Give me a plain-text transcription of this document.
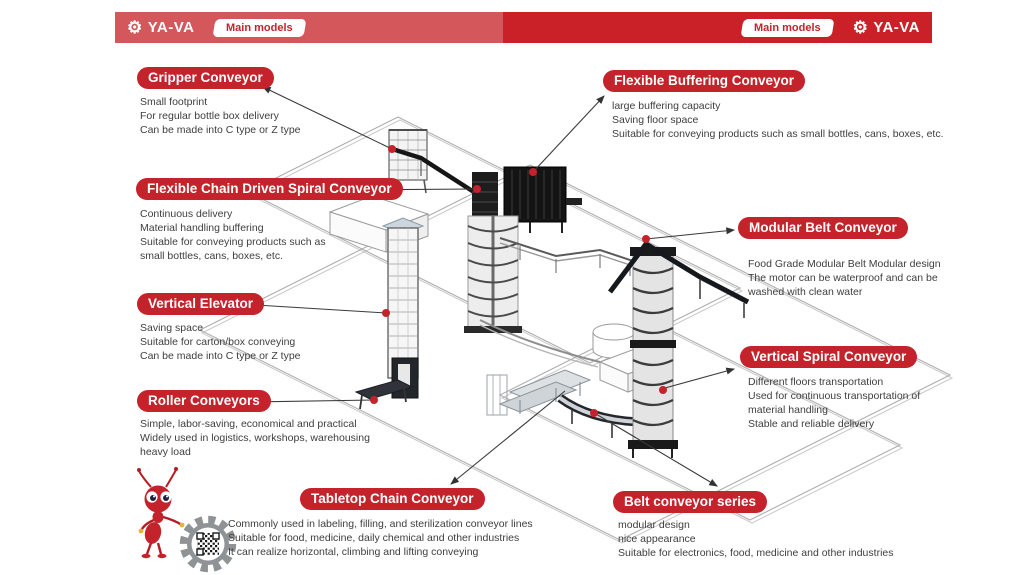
⚙ YA-VA	Main models	Main models	⚙ YA-VA
Gripper Conveyor
Small footprint
For regular bottle box delivery
Can be made into C type or Z type
Flexible Buffering Conveyor
large buffering capacity
Saving floor space
Suitable for conveying products such as small bottles, cans, boxes, etc.
Flexible Chain Driven Spiral Conveyor
Continuous delivery
Material handling buffering
Suitable for conveying products such as
small bottles, cans, boxes, etc.
Modular Belt Conveyor
Food Grade Modular Belt Modular design
The motor can be waterproof and can be
washed with clean water
Vertical Elevator
Saving space
Suitable for carton/box conveying
Can be made into C type or Z type	Vertical Spiral Conveyor
Different floors transportation
Used for continuous transportation of
material handling
Stable and reliable delivery
Roller Conveyors
Simple, labor-saving, economical and practical
Widely used in logistics, workshops, warehousing
heavy load
Tabletop Chain Conveyor
Commonly used in labeling, filling, and sterilization conveyor lines
Suitable for food, medicine, daily chemical and other industries
It can realize horizontal, climbing and lifting conveying
Belt conveyor series
modular design
nice appearance
Suitable for electronics, food, medicine and other industries
